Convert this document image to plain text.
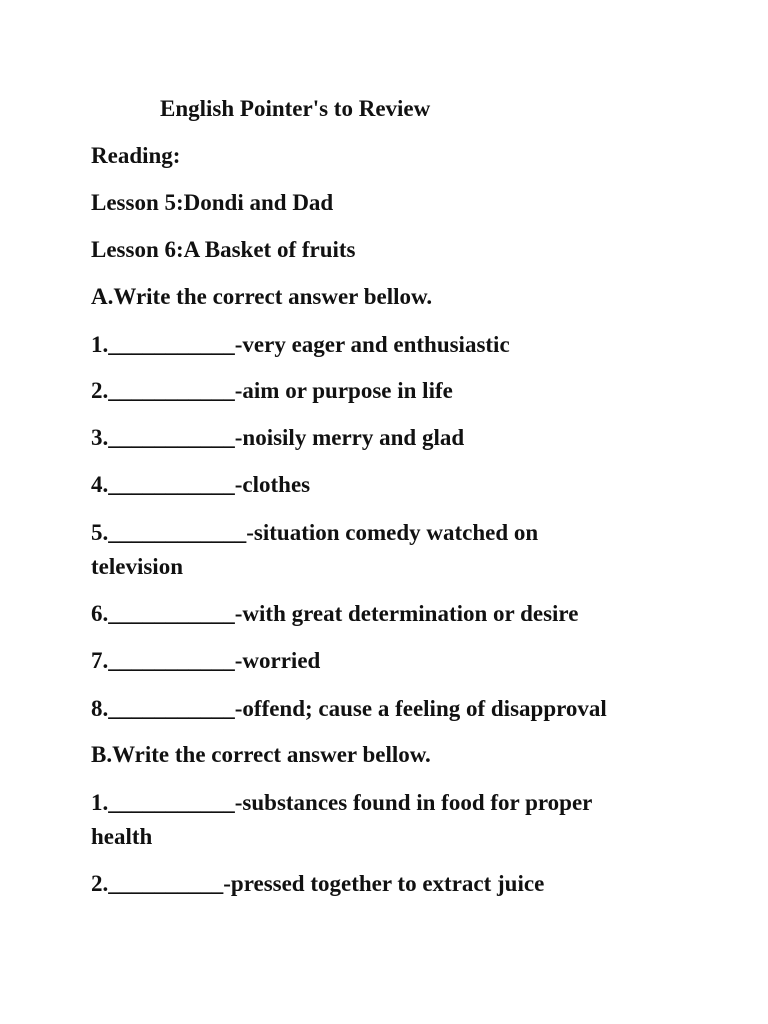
English Pointer's to Review
Reading:
Lesson 5:Dondi and Dad
Lesson 6:A Basket of fruits
A.Write the correct answer bellow.
1.___________-very eager and enthusiastic
2.___________-aim or purpose in life
3.___________-noisily merry and glad
4.___________-clothes
5.____________-situation comedy watched on
television
6.___________-with great determination or desire
7.___________-worried
8.___________-offend; cause a feeling of disapproval
B.Write the correct answer bellow.
1.___________-substances found in food for proper
health
2.__________-pressed together to extract juice
